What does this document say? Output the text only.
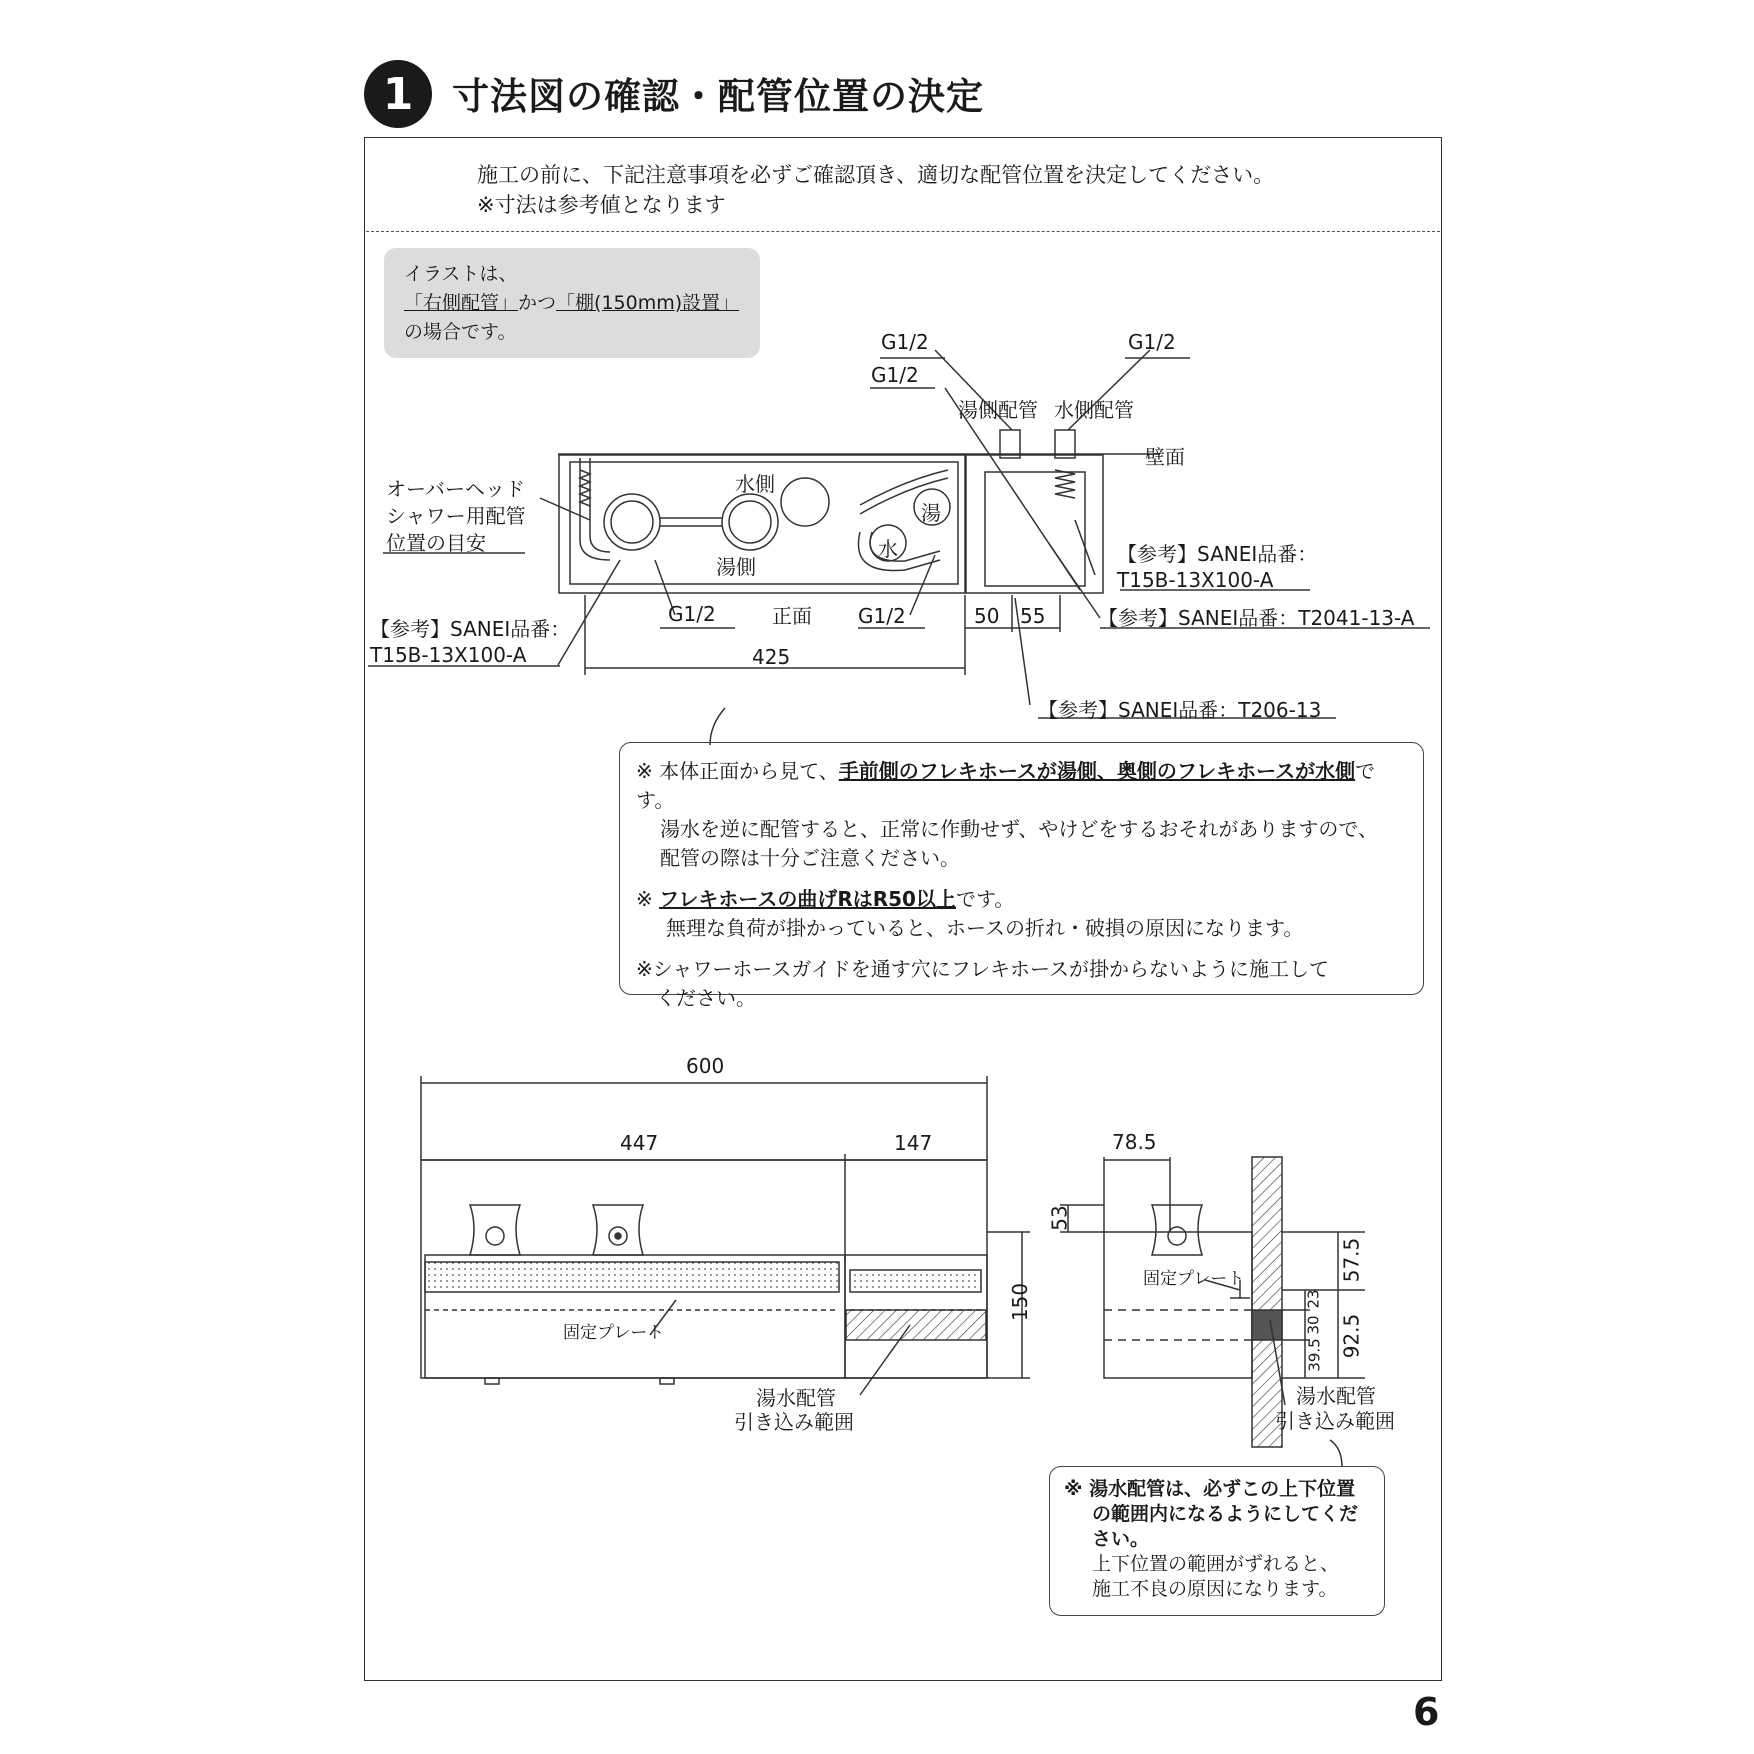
1	寸法図の確認・配管位置の決定
施工の前に、下記注意事項を必ずご確認頂き、適切な配管位置を決定してください。
※寸法は参考値となります
イラストは、
「右側配管」かつ「棚(150mm)設置」
の場合です。	G1/2	G1/2
G1/2
湯側配管 水側配管
壁面
オーバーヘッド
シャワー用配管
位置の目安
水側
湯側
湯
水
G1/2	正面 G1/2	50 55
425
【参考】SANEI品番：
T15B-13X100-A
【参考】SANEI品番：
T15B-13X100-A
【参考】SANEI品番：T2041-13-A
【参考】SANEI品番：T206-13

※ 本体正面から見て、手前側のフレキホースが湯側、奥側のフレキホースが水側です。
湯水を逆に配管すると、正常に作動せず、やけどをするおそれがありますので、
配管の際は十分ご注意ください。

※ フレキホースの曲げRはR50以上です。
無理な負荷が掛かっていると、ホースの折れ・破損の原因になります。

※シャワーホースガイドを通す穴にフレキホースが掛からないように施工して
ください。

600
447	147
150
固定プレート
湯水配管
引き込み範囲
78.5
53
57.5
23
30
39.5 92.5
固定プレート
湯水配管
引き込み範囲
※ 湯水配管は、必ずこの上下位置
の範囲内になるようにしてくだ
さい。
上下位置の範囲がずれると、
施工不良の原因になります。
6
